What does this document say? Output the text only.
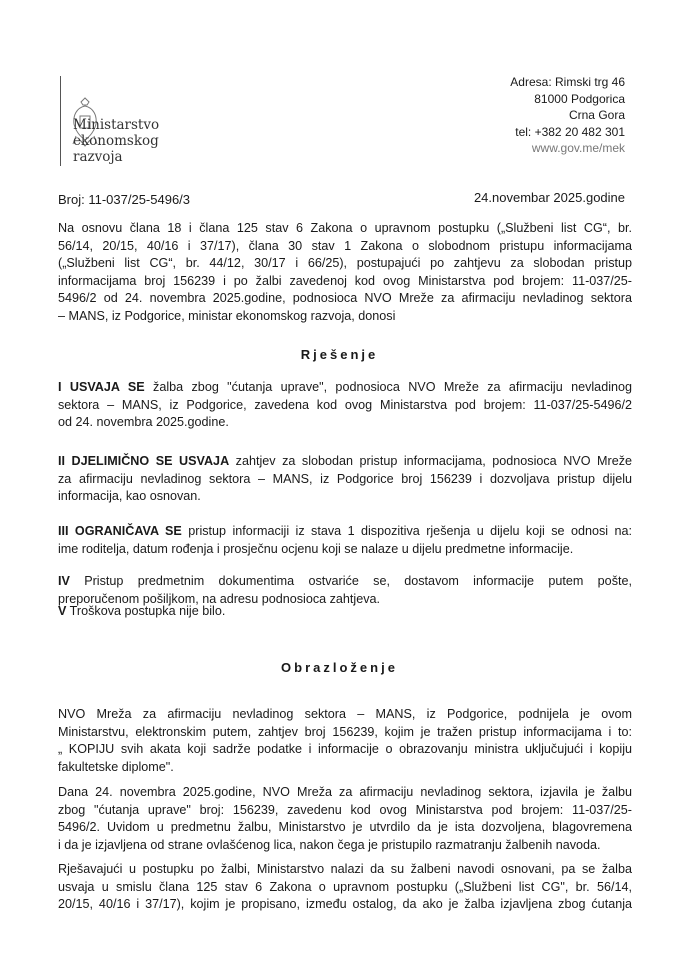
Ministarstvo
ekonomskog
razvoja
Adresa: Rimski trg 46
81000 Podgorica
Crna Gora
tel: +382 20 482 301
www.gov.me/mek
Broj: 11-037/25-5496/3	24.novembar 2025.godine
Na osnovu člana 18 i člana 125 stav 6 Zakona o upravnom postupku („Službeni list CG“, br.
56/14, 20/15, 40/16 i 37/17), člana 30 stav 1 Zakona o slobodnom pristupu informacijama
(„Službeni list CG“, br. 44/12, 30/17 i 66/25), postupajući po zahtjevu za slobodan pristup
informacijama broj 156239 i po žalbi zavedenoj kod ovog Ministarstva pod brojem: 11-037/25-
5496/2 od 24. novembra 2025.godine, podnosioca NVO Mreže za afirmaciju nevladinog sektora
– MANS, iz Podgorice, ministar ekonomskog razvoja, donosi
Rješenje
I USVAJA SE žalba zbog "ćutanja uprave", podnosioca NVO Mreže za afirmaciju nevladinog
sektora – MANS, iz Podgorice, zavedena kod ovog Ministarstva pod brojem: 11-037/25-5496/2
od 24. novembra 2025.godine.
II DJELIMIČNO SE USVAJA zahtjev za slobodan pristup informacijama, podnosioca NVO Mreže
za afirmaciju nevladinog sektora – MANS, iz Podgorice broj 156239 i dozvoljava pristup dijelu
informacija, kao osnovan.
III OGRANIČAVA SE pristup informaciji iz stava 1 dispozitiva rješenja u dijelu koji se odnosi na:
ime roditelja, datum rođenja i prosječnu ocjenu koji se nalaze u dijelu predmetne informacije.
IV Pristup predmetnim dokumentima ostvariće se, dostavom informacije putem pošte,
preporučenom pošiljkom, na adresu podnosioca zahtjeva.
V Troškova postupka nije bilo.
Obrazloženje
NVO Mreža za afirmaciju nevladinog sektora – MANS, iz Podgorice, podnijela je ovom
Ministarstvu, elektronskim putem, zahtjev broj 156239, kojim je tražen pristup informacijama i to:
„ KOPIJU svih akata koji sadrže podatke i informacije o obrazovanju ministra uključujući i kopiju
fakultetske diplome".
Dana 24. novembra 2025.godine, NVO Mreža za afirmaciju nevladinog sektora, izjavila je žalbu
zbog "ćutanja uprave" broj: 156239, zavedenu kod ovog Ministarstva pod brojem: 11-037/25-
5496/2. Uvidom u predmetnu žalbu, Ministarstvo je utvrdilo da je ista dozvoljena, blagovremena
i da je izjavljena od strane ovlašćenog lica, nakon čega je pristupilo razmatranju žalbenih navoda.
Rješavajući u postupku po žalbi, Ministarstvo nalazi da su žalbeni navodi osnovani, pa se žalba
usvaja u smislu člana 125 stav 6 Zakona o upravnom postupku („Službeni list CG", br. 56/14,
20/15, 40/16 i 37/17), kojim je propisano, između ostalog, da ako je žalba izjavljena zbog ćutanja
